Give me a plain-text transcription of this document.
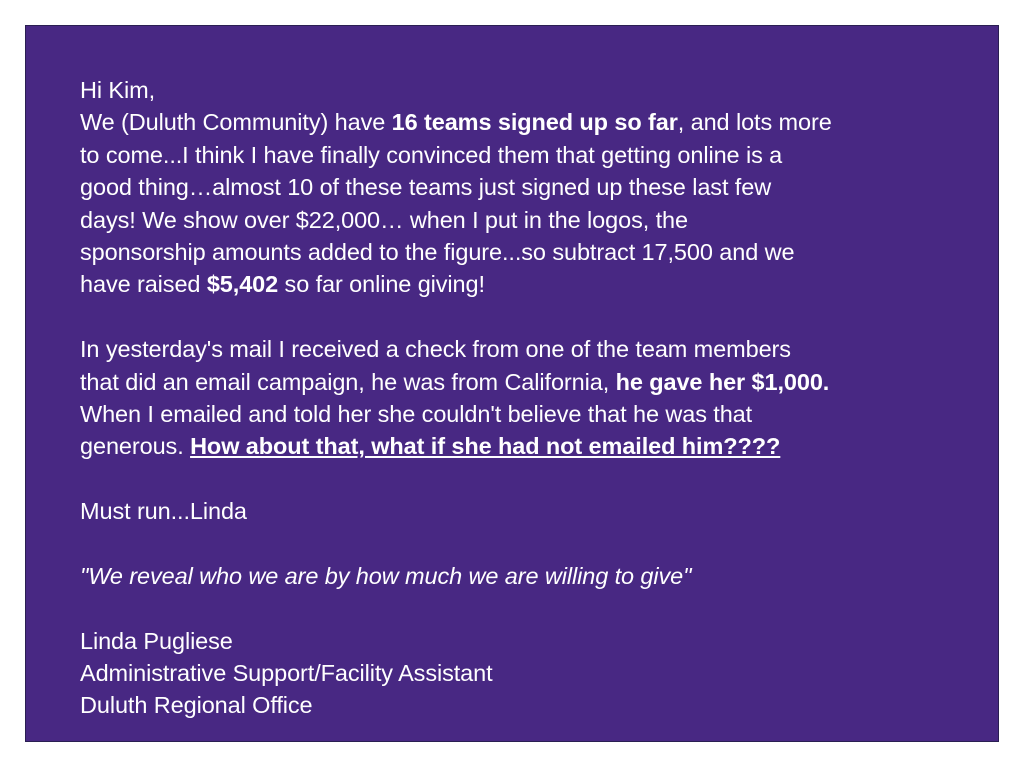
Hi Kim,
We (Duluth Community) have 16 teams signed up so far, and lots more
to come...I think I have finally convinced them that getting online is a
good thing…almost 10 of these teams just signed up these last few
days! We show over $22,000… when I put in the logos, the
sponsorship amounts added to the figure...so subtract 17,500 and we
have raised $5,402 so far online giving!
In yesterday's mail I received a check from one of the team members
that did an email campaign, he was from California, he gave her $1,000.
When I emailed and told her she couldn't believe that he was that
generous. How about that, what if she had not emailed him????
Must run...Linda
"We reveal who we are by how much we are willing to give"
Linda Pugliese
Administrative Support/Facility Assistant
Duluth Regional Office
